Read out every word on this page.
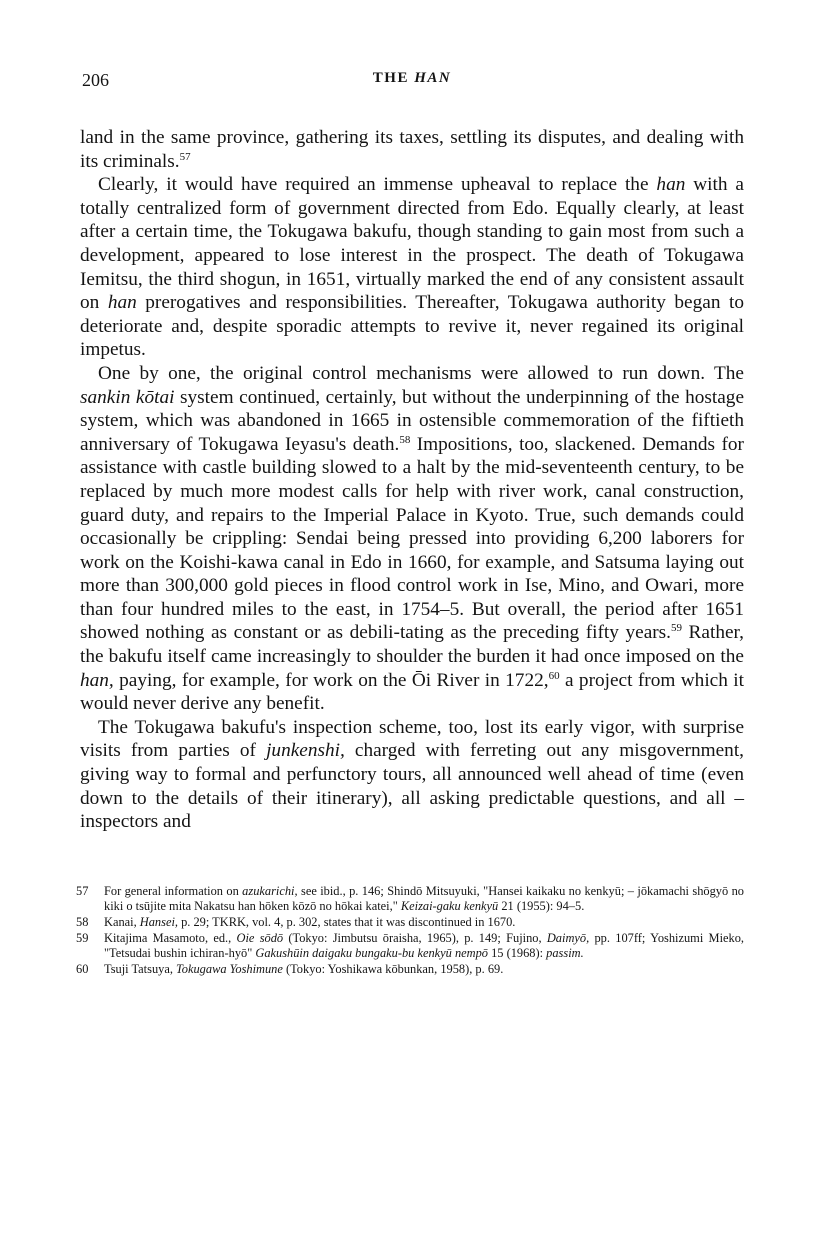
206	THE HAN

land in the same province, gathering its taxes, settling its disputes, and dealing with its criminals.$^{57}$

Clearly, it would have required an immense upheaval to replace the han with a totally centralized form of government directed from Edo. Equally clearly, at least after a certain time, the Tokugawa bakufu, though standing to gain most from such a development, appeared to lose interest in the prospect. The death of Tokugawa Iemitsu, the third shogun, in 1651, virtually marked the end of any consistent assault on han prerogatives and responsibilities. Thereafter, Tokugawa authority began to deteriorate and, despite sporadic attempts to revive it, never regained its original impetus.

One by one, the original control mechanisms were allowed to run down. The sankin kōtai system continued, certainly, but without the underpinning of the hostage system, which was abandoned in 1665 in ostensible commemoration of the fiftieth anniversary of Tokugawa Ieyasu's death.$^{58}$ Impositions, too, slackened. Demands for assistance with castle building slowed to a halt by the mid-seventeenth century, to be replaced by much more modest calls for help with river work, canal construction, guard duty, and repairs to the Imperial Palace in Kyoto. True, such demands could occasionally be crippling: Sendai being pressed into providing 6,200 laborers for work on the Koishi-kawa canal in Edo in 1660, for example, and Satsuma laying out more than 300,000 gold pieces in flood control work in Ise, Mino, and Owari, more than four hundred miles to the east, in 1754–5. But overall, the period after 1651 showed nothing as constant or as debili-tating as the preceding fifty years.$^{59}$ Rather, the bakufu itself came increasingly to shoulder the burden it had once imposed on the han, paying, for example, for work on the Ōi River in 1722,60 a project from which it would never derive any benefit.

The Tokugawa bakufu's inspection scheme, too, lost its early vigor, with surprise visits from parties of junkenshi, charged with ferreting out any misgovernment, giving way to formal and perfunctory tours, all announced well ahead of time (even down to the details of their itinerary), all asking predictable questions, and all – inspectors and

57 For general information on azukarichi, see ibid., p. 146; Shindō Mitsuyuki, "Hansei kaikaku no kenkyū; – jōkamachi shōgyō no kiki o tsūjite mita Nakatsu han hōken kōzō no hōkai katei," Keizai-gaku kenkyū 21 (1955): 94–5.
58 Kanai, Hansei, p. 29; TKRK, vol. 4, p. 302, states that it was discontinued in 1670.
59 Kitajima Masamoto, ed., Oie sōdō (Tokyo: Jimbutsu ōraisha, 1965), p. 149; Fujino, Daimyō, pp. 107ff; Yoshizumi Mieko, "Tetsudai bushin ichiran-hyō" Gakushūin daigaku bungaku-bu kenkyū nempō 15 (1968): passim.
60 Tsuji Tatsuya, Tokugawa Yoshimune (Tokyo: Yoshikawa kōbunkan, 1958), p. 69.
